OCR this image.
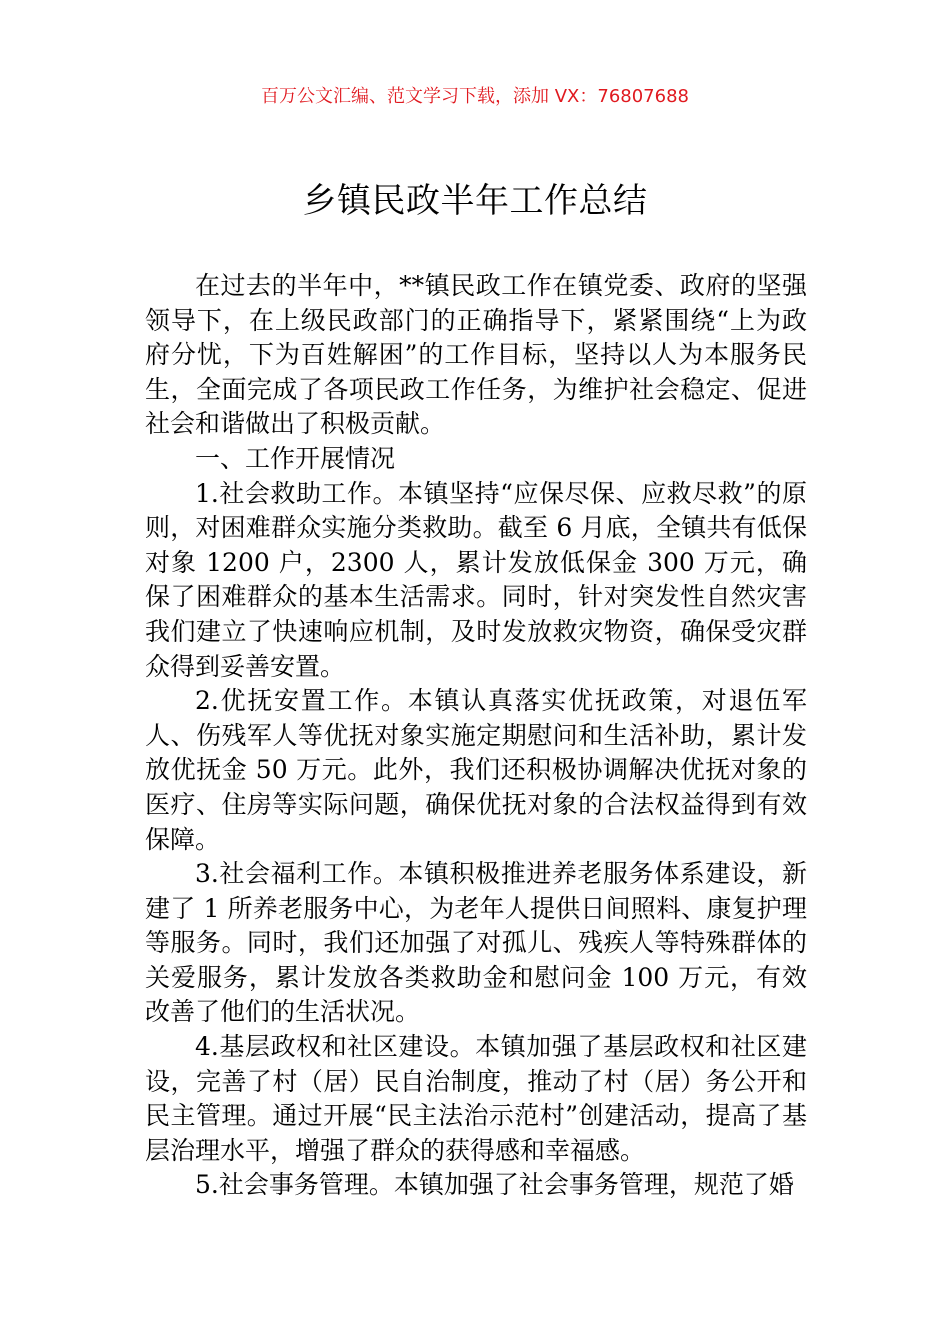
百万公文汇编、范文学习下载，添加 VX：76807688
乡镇民政半年工作总结

在过去的半年中，**镇民政工作在镇党委、政府的坚强领导下，在上级民政部门的正确指导下，紧紧围绕“上为政府分忧，下为百姓解困”的工作目标，坚持以人为本服务民生，全面完成了各项民政工作任务，为维护社会稳定、促进社会和谐做出了积极贡献。

一、工作开展情况

1.社会救助工作。本镇坚持“应保尽保、应救尽救”的原则，对困难群众实施分类救助。截至 6 月底，全镇共有低保对象 1200 户，2300 人，累计发放低保金 300 万元，确保了困难群众的基本生活需求。同时，针对突发性自然灾害我们建立了快速响应机制，及时发放救灾物资，确保受灾群众得到妥善安置。

2.优抚安置工作。本镇认真落实优抚政策，对退伍军人、伤残军人等优抚对象实施定期慰问和生活补助，累计发放优抚金 50 万元。此外，我们还积极协调解决优抚对象的医疗、住房等实际问题，确保优抚对象的合法权益得到有效保障。

3.社会福利工作。本镇积极推进养老服务体系建设，新建了 1 所养老服务中心，为老年人提供日间照料、康复护理等服务。同时，我们还加强了对孤儿、残疾人等特殊群体的关爱服务，累计发放各类救助金和慰问金 100 万元，有效改善了他们的生活状况。

4.基层政权和社区建设。本镇加强了基层政权和社区建设，完善了村（居）民自治制度，推动了村（居）务公开和民主管理。通过开展“民主法治示范村”创建活动，提高了基层治理水平，增强了群众的获得感和幸福感。

5.社会事务管理。本镇加强了社会事务管理，规范了婚
